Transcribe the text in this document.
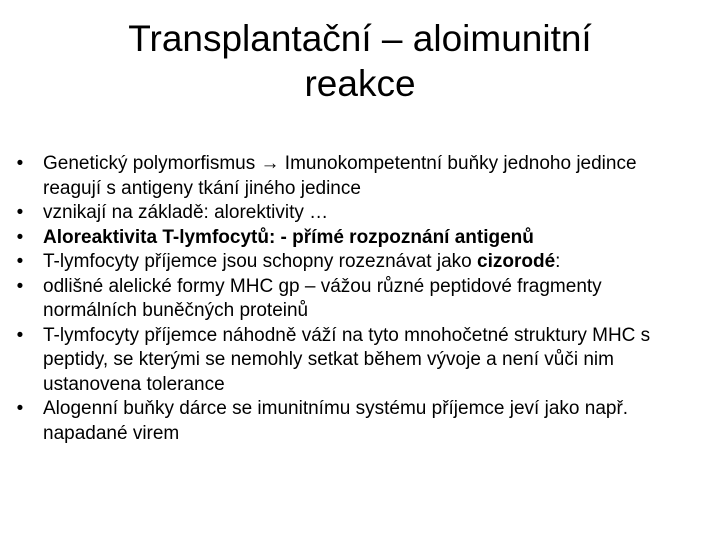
Transplantační – aloimunitní
reakce
• Genetický polymorfismus → Imunokompetentní buňky jednoho jedince reagují s antigeny tkání jiného jedince
• vznikají na základě: alorektivity …
• Aloreaktivita T-lymfocytů: - přímé rozpoznání antigenů
• T-lymfocyty příjemce jsou schopny rozeznávat jako cizorodé:
• odlišné alelické formy MHC gp – vážou různé peptidové fragmenty normálních buněčných proteinů
• T-lymfocyty příjemce náhodně váží na tyto mnohočetné struktury MHC s peptidy, se kterými se nemohly setkat během vývoje a není vůči nim ustanovena tolerance
• Alogenní buňky dárce se imunitnímu systému příjemce jeví jako např. napadané virem
